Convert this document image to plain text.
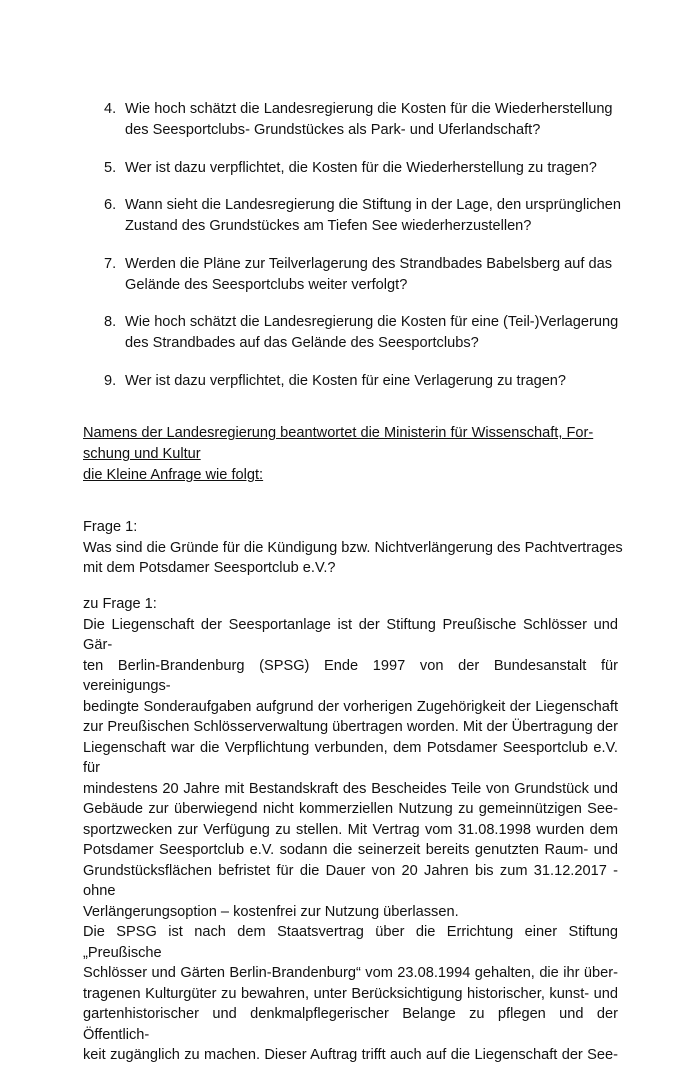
4. Wie hoch schätzt die Landesregierung die Kosten für die Wiederherstellung
des Seesportclubs- Grundstückes als Park- und Uferlandschaft?
5. Wer ist dazu verpflichtet, die Kosten für die Wiederherstellung zu tragen?
6. Wann sieht die Landesregierung die Stiftung in der Lage, den ursprünglichen
Zustand des Grundstückes am Tiefen See wiederherzustellen?
7. Werden die Pläne zur Teilverlagerung des Strandbades Babelsberg auf das
Gelände des Seesportclubs weiter verfolgt?
8. Wie hoch schätzt die Landesregierung die Kosten für eine (Teil-)Verlagerung
des Strandbades auf das Gelände des Seesportclubs?
9. Wer ist dazu verpflichtet, die Kosten für eine Verlagerung zu tragen?
Namens der Landesregierung beantwortet die Ministerin für Wissenschaft, For-
schung und Kultur
die Kleine Anfrage wie folgt:
Frage 1:
Was sind die Gründe für die Kündigung bzw. Nichtverlängerung des Pachtvertrages
mit dem Potsdamer Seesportclub e.V.?
zu Frage 1:
Die Liegenschaft der Seesportanlage ist der Stiftung Preußische Schlösser und Gär-
ten Berlin-Brandenburg (SPSG) Ende 1997 von der Bundesanstalt für vereinigungs-
bedingte Sonderaufgaben aufgrund der vorherigen Zugehörigkeit der Liegenschaft
zur Preußischen Schlösserverwaltung übertragen worden. Mit der Übertragung der
Liegenschaft war die Verpflichtung verbunden, dem Potsdamer Seesportclub e.V. für
mindestens 20 Jahre mit Bestandskraft des Bescheides Teile von Grundstück und
Gebäude zur überwiegend nicht kommerziellen Nutzung zu gemeinnützigen See-
sportzwecken zur Verfügung zu stellen. Mit Vertrag vom 31.08.1998 wurden dem
Potsdamer Seesportclub e.V. sodann die seinerzeit bereits genutzten Raum- und
Grundstücksflächen befristet für die Dauer von 20 Jahren bis zum 31.12.2017 - ohne
Verlängerungsoption – kostenfrei zur Nutzung überlassen.
Die SPSG ist nach dem Staatsvertrag über die Errichtung einer Stiftung „Preußische
Schlösser und Gärten Berlin-Brandenburg“ vom 23.08.1994 gehalten, die ihr über-
tragenen Kulturgüter zu bewahren, unter Berücksichtigung historischer, kunst- und
gartenhistorischer und denkmalpflegerischer Belange zu pflegen und der Öffentlich-
keit zugänglich zu machen. Dieser Auftrag trifft auch auf die Liegenschaft der See-
